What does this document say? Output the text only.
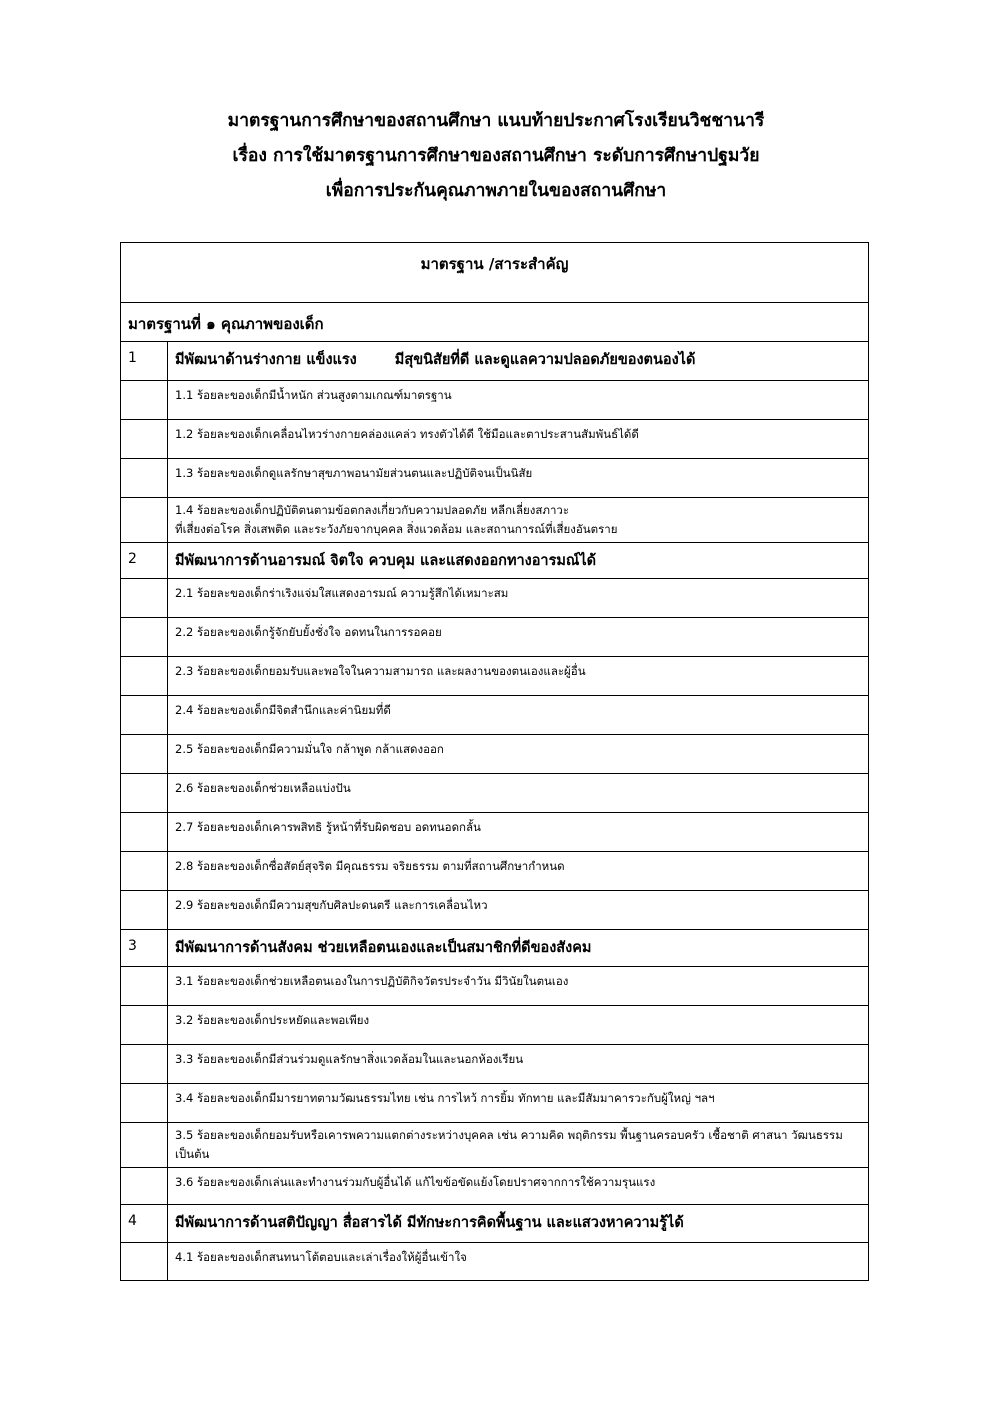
มาตรฐานการศึกษาของสถานศึกษา แนบท้ายประกาศโรงเรียนวิชชานารี

เรื่อง การใช้มาตรฐานการศึกษาของสถานศึกษา ระดับการศึกษาปฐมวัย

เพื่อการประกันคุณภาพภายในของสถานศึกษา

มาตรฐาน /สาระสำคัญ	
มาตรฐานที่ ๑ คุณภาพของเด็ก	
1	มีพัฒนาด้านร่างกาย แข็งแรง มีสุขนิสัยที่ดี และดูแลความปลอดภัยของตนองได้
	1.1 ร้อยละของเด็กมีน้ำหนัก ส่วนสูงตามเกณฑ์มาตรฐาน
	1.2 ร้อยละของเด็กเคลื่อนไหวร่างกายคล่องแคล่ว ทรงตัวได้ดี ใช้มือและตาประสานสัมพันธ์ได้ดี
	1.3 ร้อยละของเด็กดูแลรักษาสุขภาพอนามัยส่วนตนและปฏิบัติจนเป็นนิสัย

	1.4 ร้อยละของเด็กปฏิบัติตนตามข้อตกลงเกี่ยวกับความปลอดภัย หลีกเลี่ยงสภาวะ
ที่เสี่ยงต่อโรค สิ่งเสพติด และระวังภัยจากบุคคล สิ่งแวดล้อม และสถานการณ์ที่เสี่ยงอันตราย

2	มีพัฒนาการด้านอารมณ์ จิตใจ ควบคุม และแสดงออกทางอารมณ์ได้
	2.1 ร้อยละของเด็กร่าเริงแจ่มใสแสดงอารมณ์ ความรู้สึกได้เหมาะสม
	2.2 ร้อยละของเด็กรู้จักยับยั้งชั่งใจ อดทนในการรอคอย
	2.3 ร้อยละของเด็กยอมรับและพอใจในความสามารถ และผลงานของตนเองและผู้อื่น
	2.4 ร้อยละของเด็กมีจิตสำนึกและค่านิยมที่ดี
	2.5 ร้อยละของเด็กมีความมั่นใจ กล้าพูด กล้าแสดงออก
	2.6 ร้อยละของเด็กช่วยเหลือแบ่งปัน
	2.7 ร้อยละของเด็กเคารพสิทธิ รู้หน้าที่รับผิดชอบ อดทนอดกลั้น
	2.8 ร้อยละของเด็กซื่อสัตย์สุจริต มีคุณธรรม จริยธรรม ตามที่สถานศึกษากำหนด
	2.9 ร้อยละของเด็กมีความสุขกับศิลปะดนตรี และการเคลื่อนไหว
3	มีพัฒนาการด้านสังคม ช่วยเหลือตนเองและเป็นสมาชิกที่ดีของสังคม
	3.1 ร้อยละของเด็กช่วยเหลือตนเองในการปฏิบัติกิจวัตรประจำวัน มีวินัยในตนเอง
	3.2 ร้อยละของเด็กประหยัดและพอเพียง
	3.3 ร้อยละของเด็กมีส่วนร่วมดูแลรักษาสิ่งแวดล้อมในและนอกห้องเรียน
	3.4 ร้อยละของเด็กมีมารยาทตามวัฒนธรรมไทย เช่น การไหว้ การยิ้ม ทักทาย และมีสัมมาคารวะกับผู้ใหญ่ ฯลฯ
	3.5 ร้อยละของเด็กยอมรับหรือเคารพความแตกต่างระหว่างบุคคล เช่น ความคิด พฤติกรรม พื้นฐานครอบครัว เชื้อชาติ ศาสนา วัฒนธรรม เป็นต้น
	3.6 ร้อยละของเด็กเล่นและทำงานร่วมกับผู้อื่นได้ แก้ไขข้อขัดแย้งโดยปราศจากการใช้ความรุนแรง
4	มีพัฒนาการด้านสติปัญญา สื่อสารได้ มีทักษะการคิดพื้นฐาน และแสวงหาความรู้ได้
	4.1 ร้อยละของเด็กสนทนาโต้ตอบและเล่าเรื่องให้ผู้อื่นเข้าใจ
